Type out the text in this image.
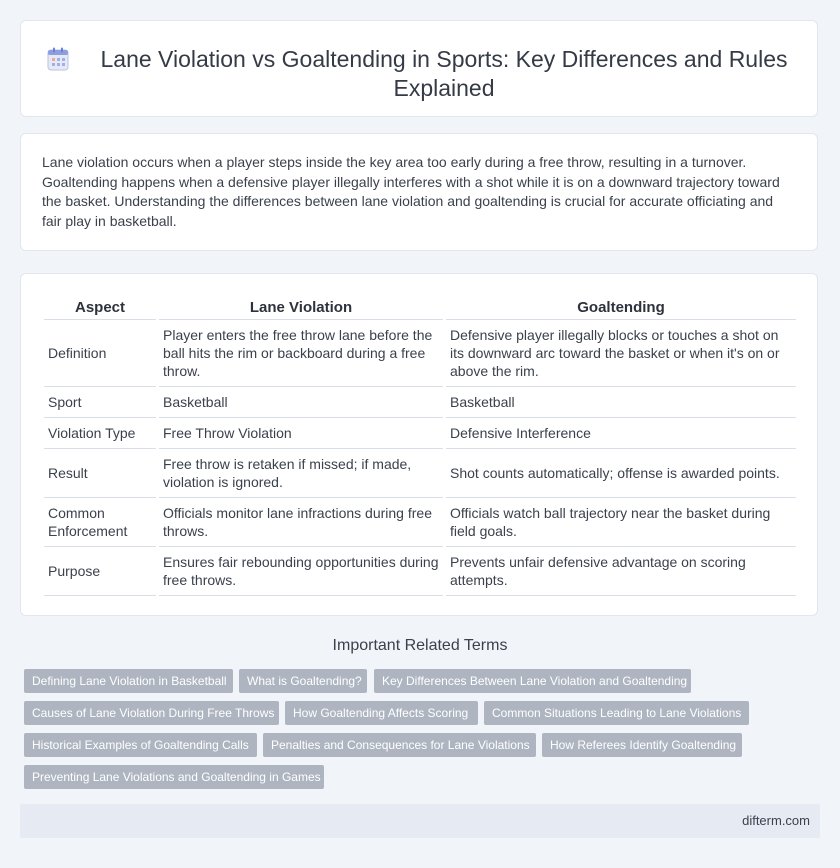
Lane Violation vs Goaltending in Sports: Key Differences and Rules Explained

Lane violation occurs when a player steps inside the key area too early during a free throw, resulting in a turnover. Goaltending happens when a defensive player illegally interferes with a shot while it is on a downward trajectory toward the basket. Understanding the differences between lane violation and goaltending is crucial for accurate officiating and fair play in basketball.

Aspect	Lane Violation	Goaltending
Definition	Player enters the free throw lane before the ball hits the rim or backboard during a free throw.	Defensive player illegally blocks or touches a shot on its downward arc toward the basket or when it's on or above the rim.
Sport	Basketball	Basketball
Violation Type	Free Throw Violation	Defensive Interference
Result	Free throw is retaken if missed; if made, violation is ignored.	Shot counts automatically; offense is awarded points.
Common Enforcement	Officials monitor lane infractions during free throws.	Officials watch ball trajectory near the basket during field goals.
Purpose	Ensures fair rebounding opportunities during free throws.	Prevents unfair defensive advantage on scoring attempts.
Important Related Terms
Defining Lane Violation in Basketball	What is Goaltending?	Key Differences Between Lane Violation and Goaltending
Causes of Lane Violation During Free Throws	How Goaltending Affects Scoring	Common Situations Leading to Lane Violations
Historical Examples of Goaltending Calls	Penalties and Consequences for Lane Violations	How Referees Identify Goaltending
Preventing Lane Violations and Goaltending in Games
difterm.com
